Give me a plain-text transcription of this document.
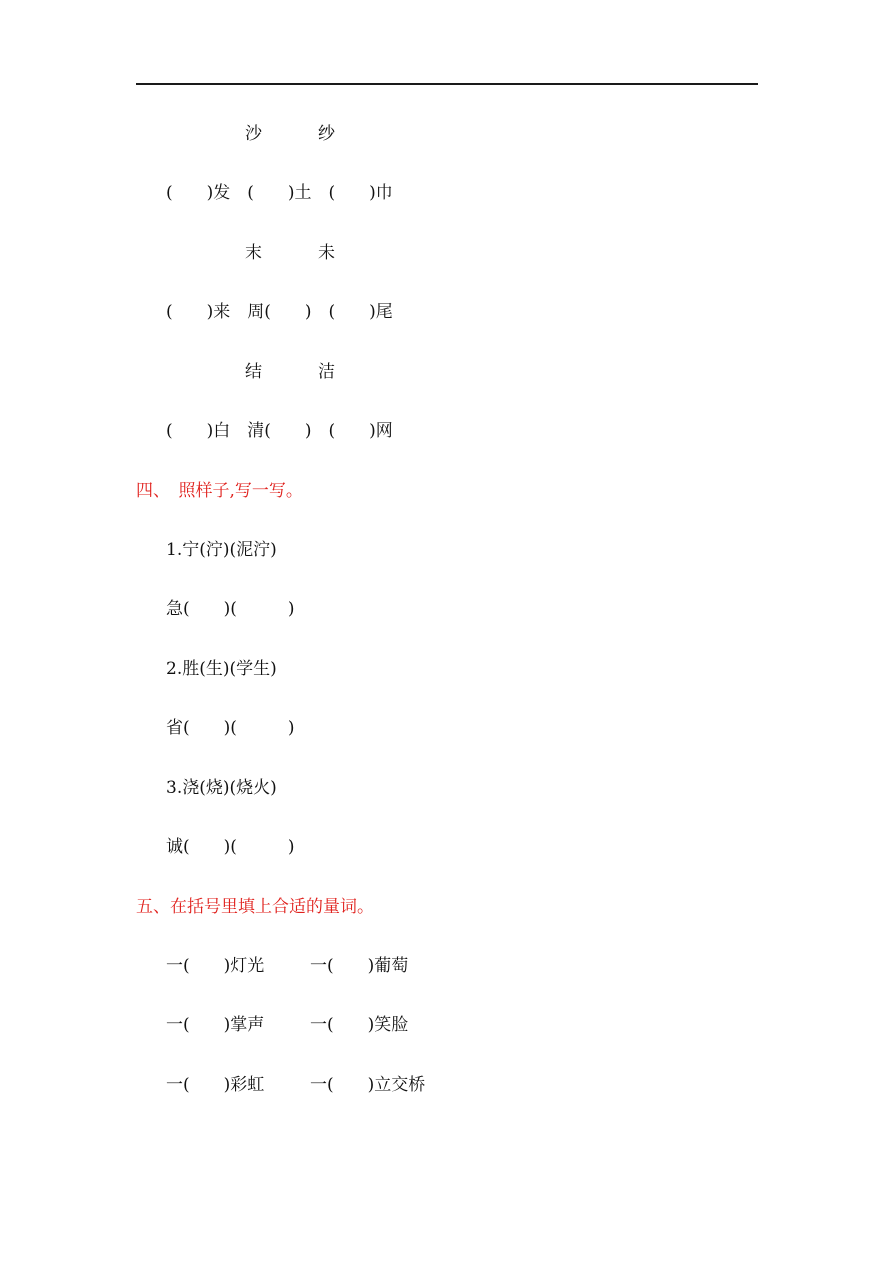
沙	纱
(　　)发　(　　)土　(　　)巾
末	未
(　　)来　周(　　)　(　　)尾
结	洁
(　　)白　清(　　)　(　　)网
四、　照样子,写一写。
1.宁(泞)(泥泞)
急(　　)(　　　)
2.胜(生)(学生)
省(　　)(　　　)
3.浇(烧)(烧火)
诚(　　)(　　　)
五、在括号里填上合适的量词。
一(　　)灯光	一(　　)葡萄
一(　　)掌声	一(　　)笑脸
一(　　)彩虹	一(　　)立交桥
